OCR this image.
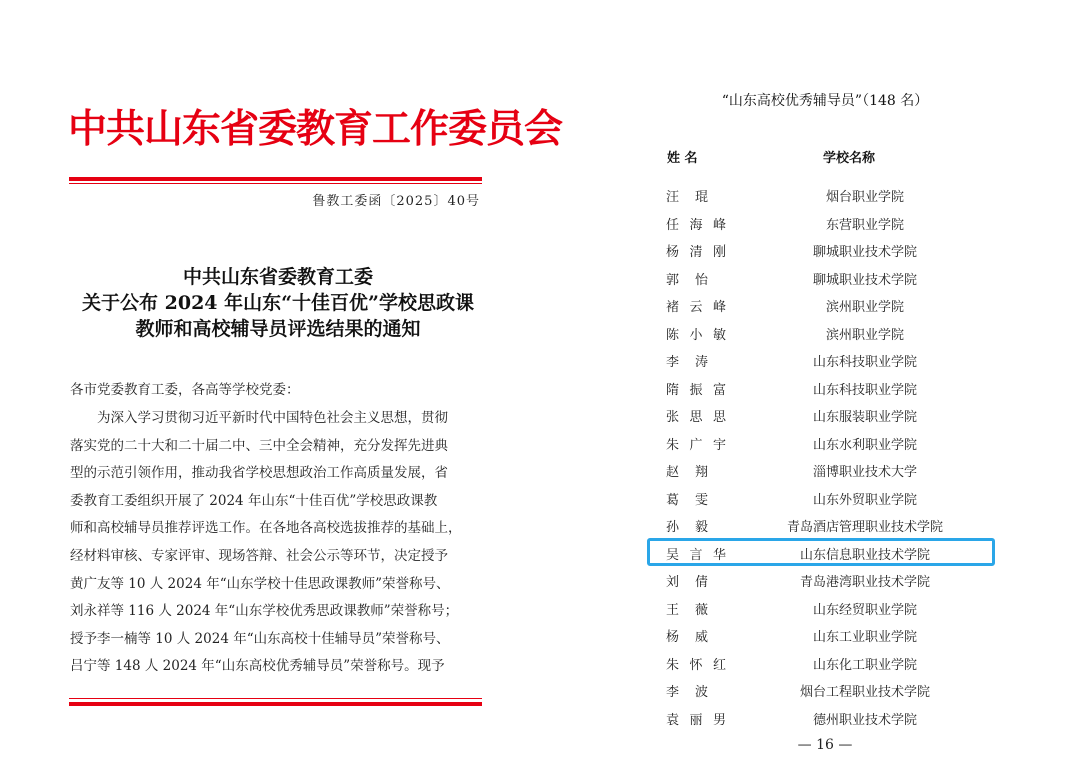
中共山东省委教育工作委员会
鲁教工委函〔2025〕40号
中共山东省委教育工委
关于公布 2024 年山东“十佳百优”学校思政课
教师和高校辅导员评选结果的通知
各市党委教育工委，各高等学校党委：
为深入学习贯彻习近平新时代中国特色社会主义思想，贯彻
落实党的二十大和二十届二中、三中全会精神，充分发挥先进典
型的示范引领作用，推动我省学校思想政治工作高质量发展，省
委教育工委组织开展了 2024 年山东“十佳百优”学校思政课教
师和高校辅导员推荐评选工作。在各地各高校选拔推荐的基础上，
经材料审核、专家评审、现场答辩、社会公示等环节，决定授予
黄广友等 10 人 2024 年“山东学校十佳思政课教师”荣誉称号、
刘永祥等 116 人 2024 年“山东学校优秀思政课教师”荣誉称号；
授予李一楠等 10 人 2024 年“山东高校十佳辅导员”荣誉称号、
吕宁等 148 人 2024 年“山东高校优秀辅导员”荣誉称号。现予
“山东高校优秀辅导员”（148 名）
姓 名	学校名称
汪琨	烟台职业学院
任海峰	东营职业学院
杨清刚	聊城职业技术学院
郭怡	聊城职业技术学院
褚云峰	滨州职业学院
陈小敏	滨州职业学院
李涛	山东科技职业学院
隋振富	山东科技职业学院
张思思	山东服装职业学院
朱广宇	山东水利职业学院
赵翔	淄博职业技术大学
葛雯	山东外贸职业学院
孙毅	青岛酒店管理职业技术学院
吴言华	山东信息职业技术学院
刘倩	青岛港湾职业技术学院
王薇	山东经贸职业学院
杨威	山东工业职业学院
朱怀红	山东化工职业学院
李波	烟台工程职业技术学院
袁丽男	德州职业技术学院
— 16 —
